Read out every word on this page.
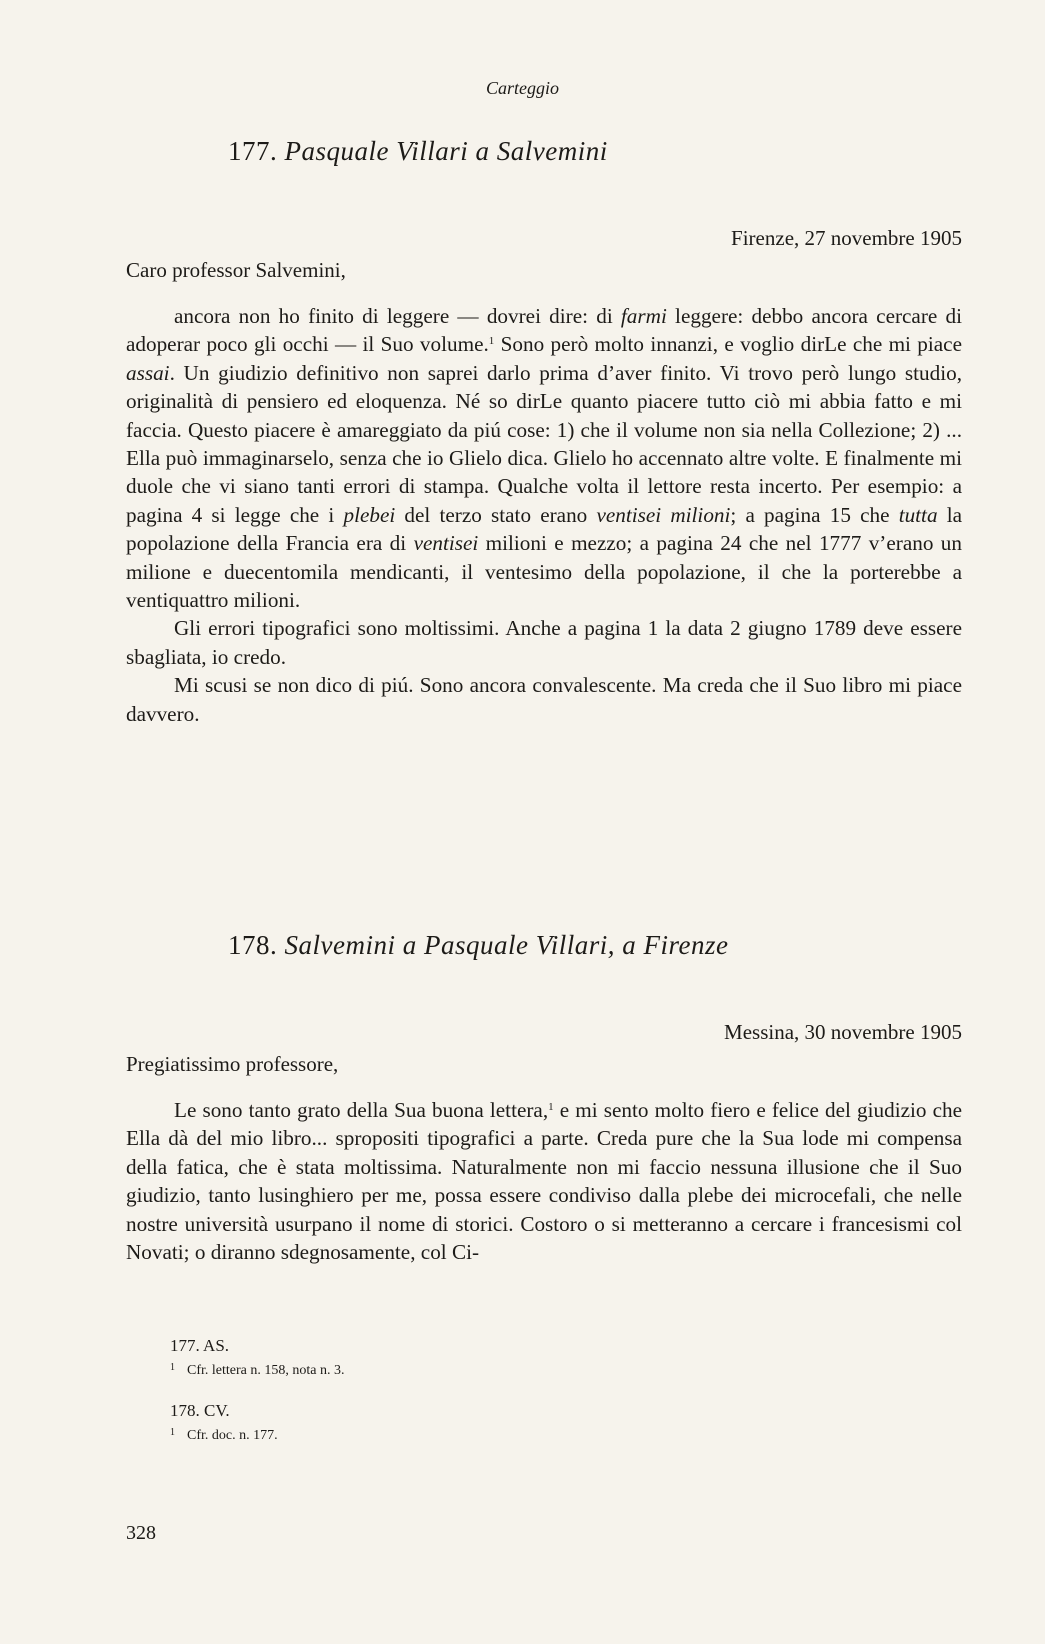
Carteggio
177. Pasquale Villari a Salvemini
Firenze, 27 novembre 1905
Caro professor Salvemini,

ancora non ho finito di leggere — dovrei dire: di farmi leggere: debbo ancora cercare di adoperar poco gli occhi — il Suo volume.$^1$ Sono però molto innanzi, e voglio dirLe che mi piace assai. Un giudizio definitivo non saprei darlo prima d’aver finito. Vi trovo però lungo studio, originalità di pensiero ed eloquenza. Né so dirLe quanto piacere tutto ciò mi abbia fatto e mi faccia. Questo piacere è amareggiato da piú cose: 1) che il volume non sia nella Collezione; 2) ... Ella può immaginarselo, senza che io Glielo dica. Glielo ho accennato altre volte. E finalmente mi duole che vi siano tanti errori di stampa. Qualche volta il lettore resta incerto. Per esempio: a pagina 4 si legge che i plebei del terzo stato erano ventisei milioni; a pagina 15 che tutta la popolazione della Francia era di ventisei milioni e mezzo; a pagina 24 che nel 1777 v’erano un milione e duecentomila mendicanti, il ventesimo della popolazione, il che la porterebbe a ventiquattro milioni.

Gli errori tipografici sono moltissimi. Anche a pagina 1 la data 2 giugno 1789 deve essere sbagliata, io credo.

Mi scusi se non dico di piú. Sono ancora convalescente. Ma creda che il Suo libro mi piace davvero.

178. Salvemini a Pasquale Villari, a Firenze
Messina, 30 novembre 1905
Pregiatissimo professore,

Le sono tanto grato della Sua buona lettera,$^1$ e mi sento molto fiero e felice del giudizio che Ella dà del mio libro... spropositi tipografici a parte. Creda pure che la Sua lode mi compensa della fatica, che è stata moltissima. Naturalmente non mi faccio nessuna illusione che il Suo giudizio, tanto lusinghiero per me, possa essere condiviso dalla plebe dei microcefali, che nelle nostre università usurpano il nome di storici. Costoro o si metteranno a cercare i francesismi col Novati; o diranno sdegnosamente, col Ci-

177. AS.
$^1$ Cfr. lettera n. 158, nota n. 3.
178. CV.
$^1$ Cfr. doc. n. 177.
328
